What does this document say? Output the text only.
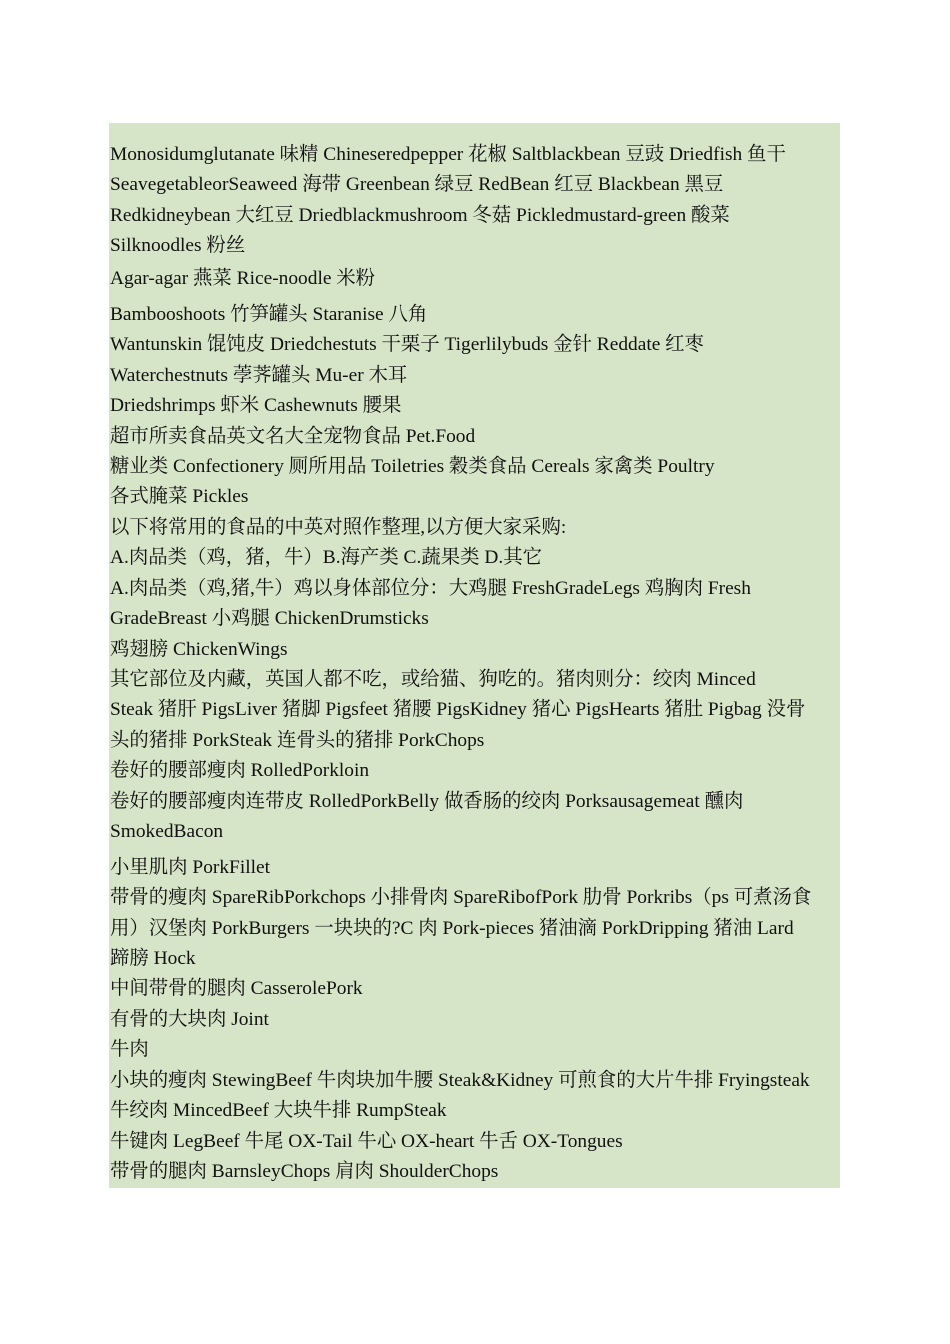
Monosidumglutanate 味精 Chineseredpepper 花椒 Saltblackbean 豆豉 Driedfish 鱼干

SeavegetableorSeaweed 海带 Greenbean 绿豆 RedBean 红豆 Blackbean 黑豆

Redkidneybean 大红豆 Driedblackmushroom 冬菇 Pickledmustard-green 酸菜

Silknoodles 粉丝

Agar-agar 燕菜 Rice-noodle 米粉

Bambooshoots 竹笋罐头 Staranise 八角

Wantunskin 馄饨皮 Driedchestuts 干栗子 Tigerlilybuds 金针 Reddate 红枣

Waterchestnuts 荸荠罐头 Mu-er 木耳

Driedshrimps 虾米 Cashewnuts 腰果

超市所卖食品英文名大全宠物食品 Pet.Food

糖业类 Confectionery 厕所用品 Toiletries 穀类食品 Cereals 家禽类 Poultry

各式腌菜 Pickles

以下将常用的食品的中英对照作整理,以方便大家采购:

A.肉品类（鸡，猪，牛）B.海产类 C.蔬果类 D.其它

A.肉品类（鸡,猪,牛）鸡以身体部位分：大鸡腿 FreshGradeLegs 鸡胸肉 Fresh

GradeBreast 小鸡腿 ChickenDrumsticks

鸡翅膀 ChickenWings

其它部位及内藏，英国人都不吃，或给猫、狗吃的。猪肉则分：绞肉 Minced

Steak 猪肝 PigsLiver 猪脚 Pigsfeet 猪腰 PigsKidney 猪心 PigsHearts 猪肚 Pigbag 没骨

头的猪排 PorkSteak 连骨头的猪排 PorkChops

卷好的腰部瘦肉 RolledPorkloin

卷好的腰部瘦肉连带皮 RolledPorkBelly 做香肠的绞肉 Porksausagemeat 醺肉

SmokedBacon

小里肌肉 PorkFillet

带骨的瘦肉 SpareRibPorkchops 小排骨肉 SpareRibofPork 肋骨 Porkribs（ps 可煮汤食

用）汉堡肉 PorkBurgers 一块块的?C 肉 Pork-pieces 猪油滴 PorkDripping 猪油 Lard

蹄膀 Hock

中间带骨的腿肉 CasserolePork

有骨的大块肉 Joint

牛肉

小块的瘦肉 StewingBeef 牛肉块加牛腰 Steak&Kidney 可煎食的大片牛排 Fryingsteak

牛绞肉 MincedBeef 大块牛排 RumpSteak

牛键肉 LegBeef 牛尾 OX-Tail 牛心 OX-heart 牛舌 OX-Tongues

带骨的腿肉 BarnsleyChops 肩肉 ShoulderChops
